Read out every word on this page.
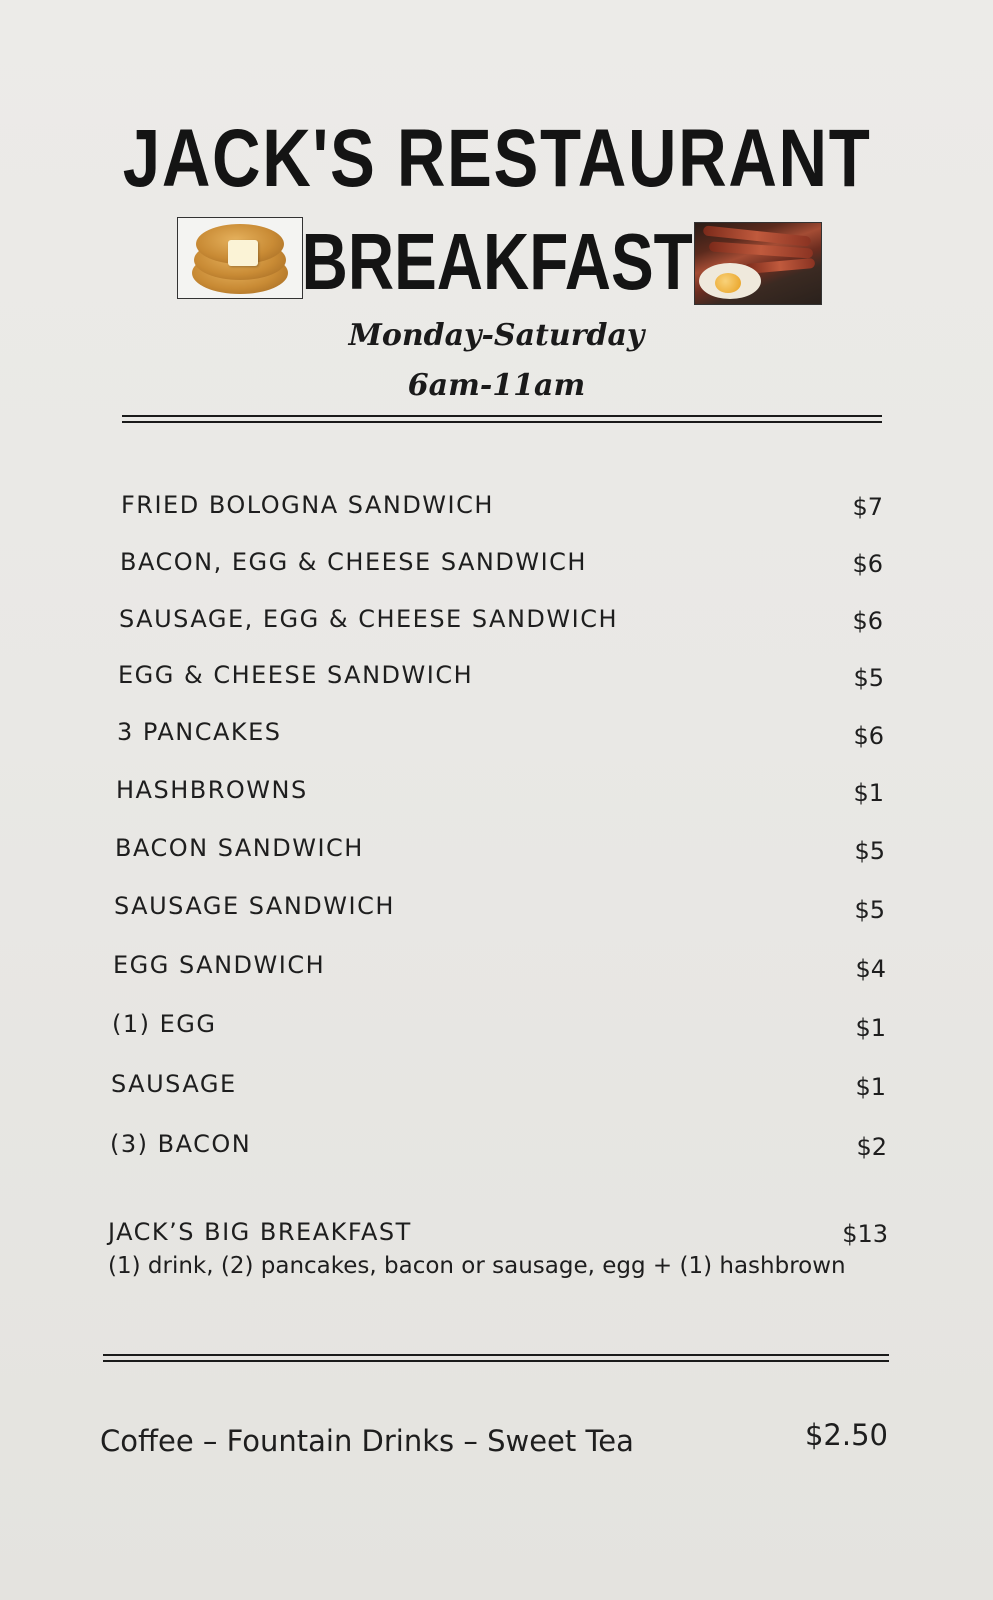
JACK'S RESTAURANT
BREAKFAST
Monday-Saturday
6am-11am
FRIED BOLOGNA SANDWICH	$7
BACON, EGG & CHEESE SANDWICH	$6
SAUSAGE, EGG & CHEESE SANDWICH	$6
EGG & CHEESE SANDWICH	$5
3 PANCAKES	$6
HASHBROWNS	$1
BACON SANDWICH	$5
SAUSAGE SANDWICH	$5
EGG SANDWICH	$4
(1) EGG	$1
SAUSAGE	$1
(3) BACON	$2
JACK’S BIG BREAKFAST	$13
(1) drink, (2) pancakes, bacon or sausage, egg + (1) hashbrown
Coffee – Fountain Drinks – Sweet Tea	$2.50
